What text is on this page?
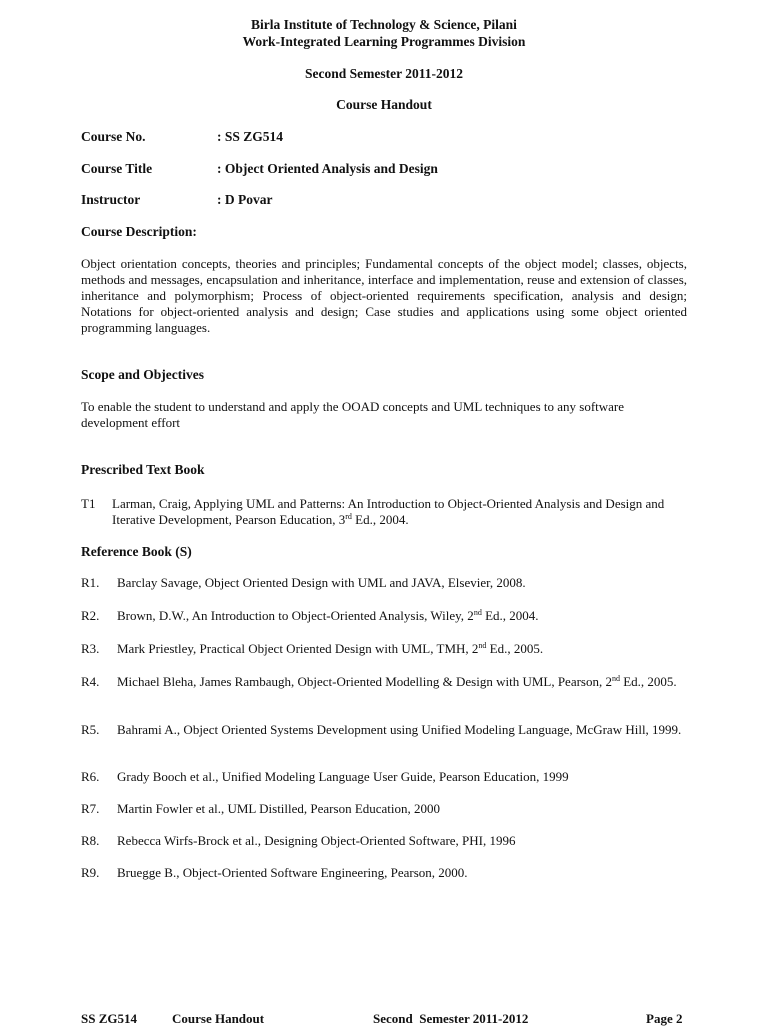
Birla Institute of Technology & Science, Pilani
Work-Integrated Learning Programmes Division
Second Semester 2011-2012
Course Handout
Course No.	: SS ZG514
Course Title	: Object Oriented Analysis and Design
Instructor	: D Povar
Course Description:
Object orientation concepts, theories and principles; Fundamental concepts of the object model; classes, objects, methods and messages, encapsulation and inheritance, interface and implementation, reuse and extension of classes, inheritance and polymorphism; Process of object-oriented requirements specification, analysis and design; Notations for object-oriented analysis and design; Case studies and applications using some object oriented programming languages.
Scope and Objectives
To enable the student to understand and apply the OOAD concepts and UML techniques to any software development effort
Prescribed Text Book
T1 Larman, Craig, Applying UML and Patterns: An Introduction to Object-Oriented Analysis and Design and Iterative Development, Pearson Education, 3rd Ed., 2004.
Reference Book (S)
R1. Barclay Savage, Object Oriented Design with UML and JAVA, Elsevier, 2008.
R2. Brown, D.W., An Introduction to Object-Oriented Analysis, Wiley, 2nd Ed., 2004.
R3. Mark Priestley, Practical Object Oriented Design with UML, TMH, 2nd Ed., 2005.
R4. Michael Bleha, James Rambaugh, Object-Oriented Modelling & Design with UML, Pearson, 2nd Ed., 2005.
R5. Bahrami A., Object Oriented Systems Development using Unified Modeling Language, McGraw Hill, 1999.
R6. Grady Booch et al., Unified Modeling Language User Guide, Pearson Education, 1999
R7. Martin Fowler et al., UML Distilled, Pearson Education, 2000
R8. Rebecca Wirfs-Brock et al., Designing Object-Oriented Software, PHI, 1996
R9. Bruegge B., Object-Oriented Software Engineering, Pearson, 2000.
SS ZG514	Course Handout	Second  Semester 2011-2012	Page 2
